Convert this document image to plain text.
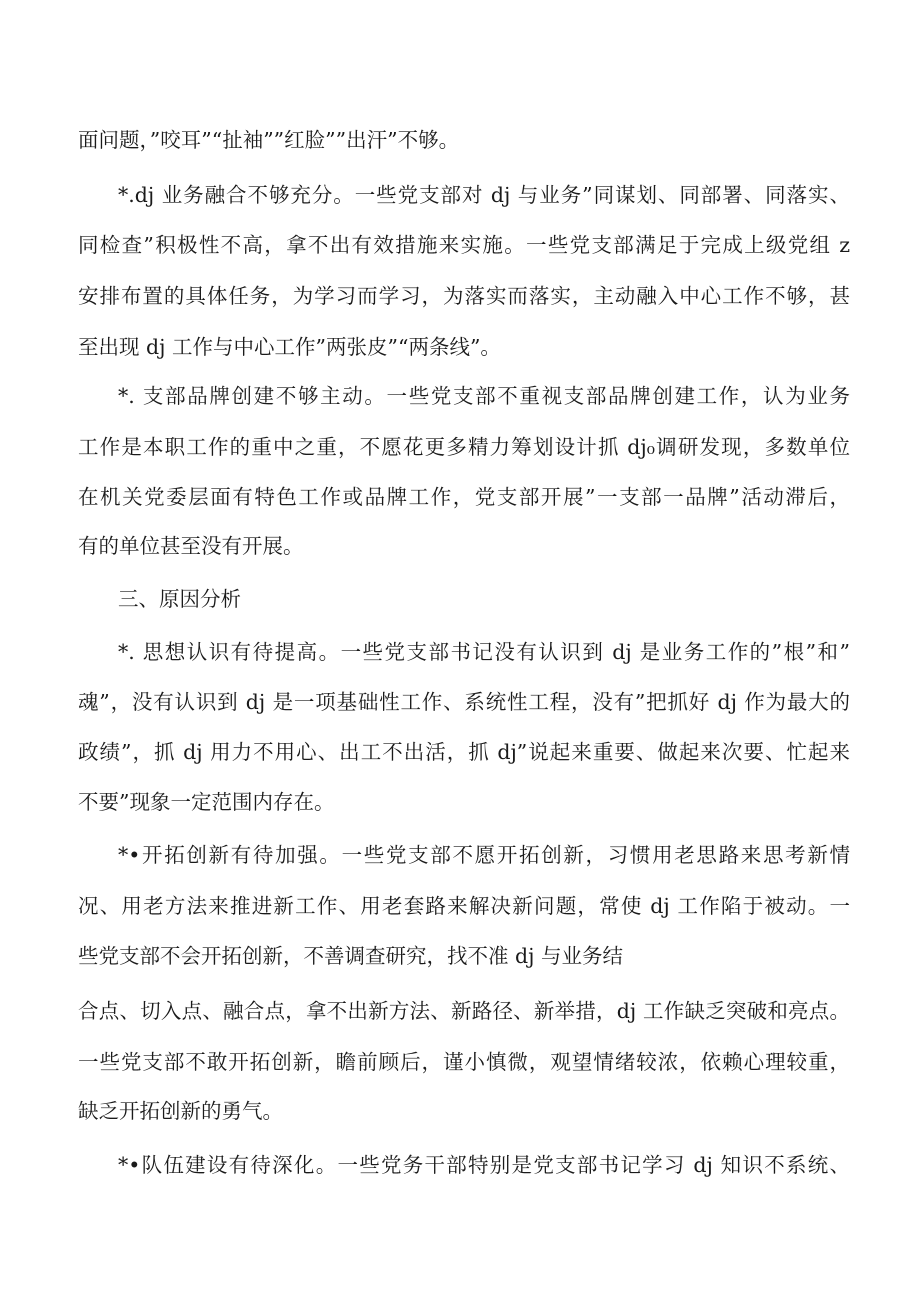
面问题，”咬耳”“扯袖””红脸””出汗”不够。
*.dj 业务融合不够充分。一些党支部对 dj 与业务”同谋划、同部署、同落实、
同检查”积极性不高，拿不出有效措施来实施。一些党支部满足于完成上级党组 z
安排布置的具体任务，为学习而学习，为落实而落实，主动融入中心工作不够，甚
至出现 dj 工作与中心工作”两张皮”“两条线”。
*. 支部品牌创建不够主动。一些党支部不重视支部品牌创建工作，认为业务
工作是本职工作的重中之重，不愿花更多精力筹划设计抓 dj₀调研发现，多数单位
在机关党委层面有特色工作或品牌工作，党支部开展”一支部一品牌”活动滞后，
有的单位甚至没有开展。
三、原因分析
*. 思想认识有待提高。一些党支部书记没有认识到 dj 是业务工作的”根”和”
魂”，没有认识到 dj 是一项基础性工作、系统性工程，没有”把抓好 dj 作为最大的
政绩”，抓 dj 用力不用心、出工不出活，抓 dj”说起来重要、做起来次要、忙起来
不要”现象一定范围内存在。
*•开拓创新有待加强。一些党支部不愿开拓创新，习惯用老思路来思考新情
况、用老方法来推进新工作、用老套路来解决新问题，常使 dj 工作陷于被动。一
些党支部不会开拓创新，不善调查研究，找不准 dj 与业务结
合点、切入点、融合点，拿不出新方法、新路径、新举措，dj 工作缺乏突破和亮点。
一些党支部不敢开拓创新，瞻前顾后，谨小慎微，观望情绪较浓，依赖心理较重，
缺乏开拓创新的勇气。
*•队伍建设有待深化。一些党务干部特别是党支部书记学习 dj 知识不系统、
